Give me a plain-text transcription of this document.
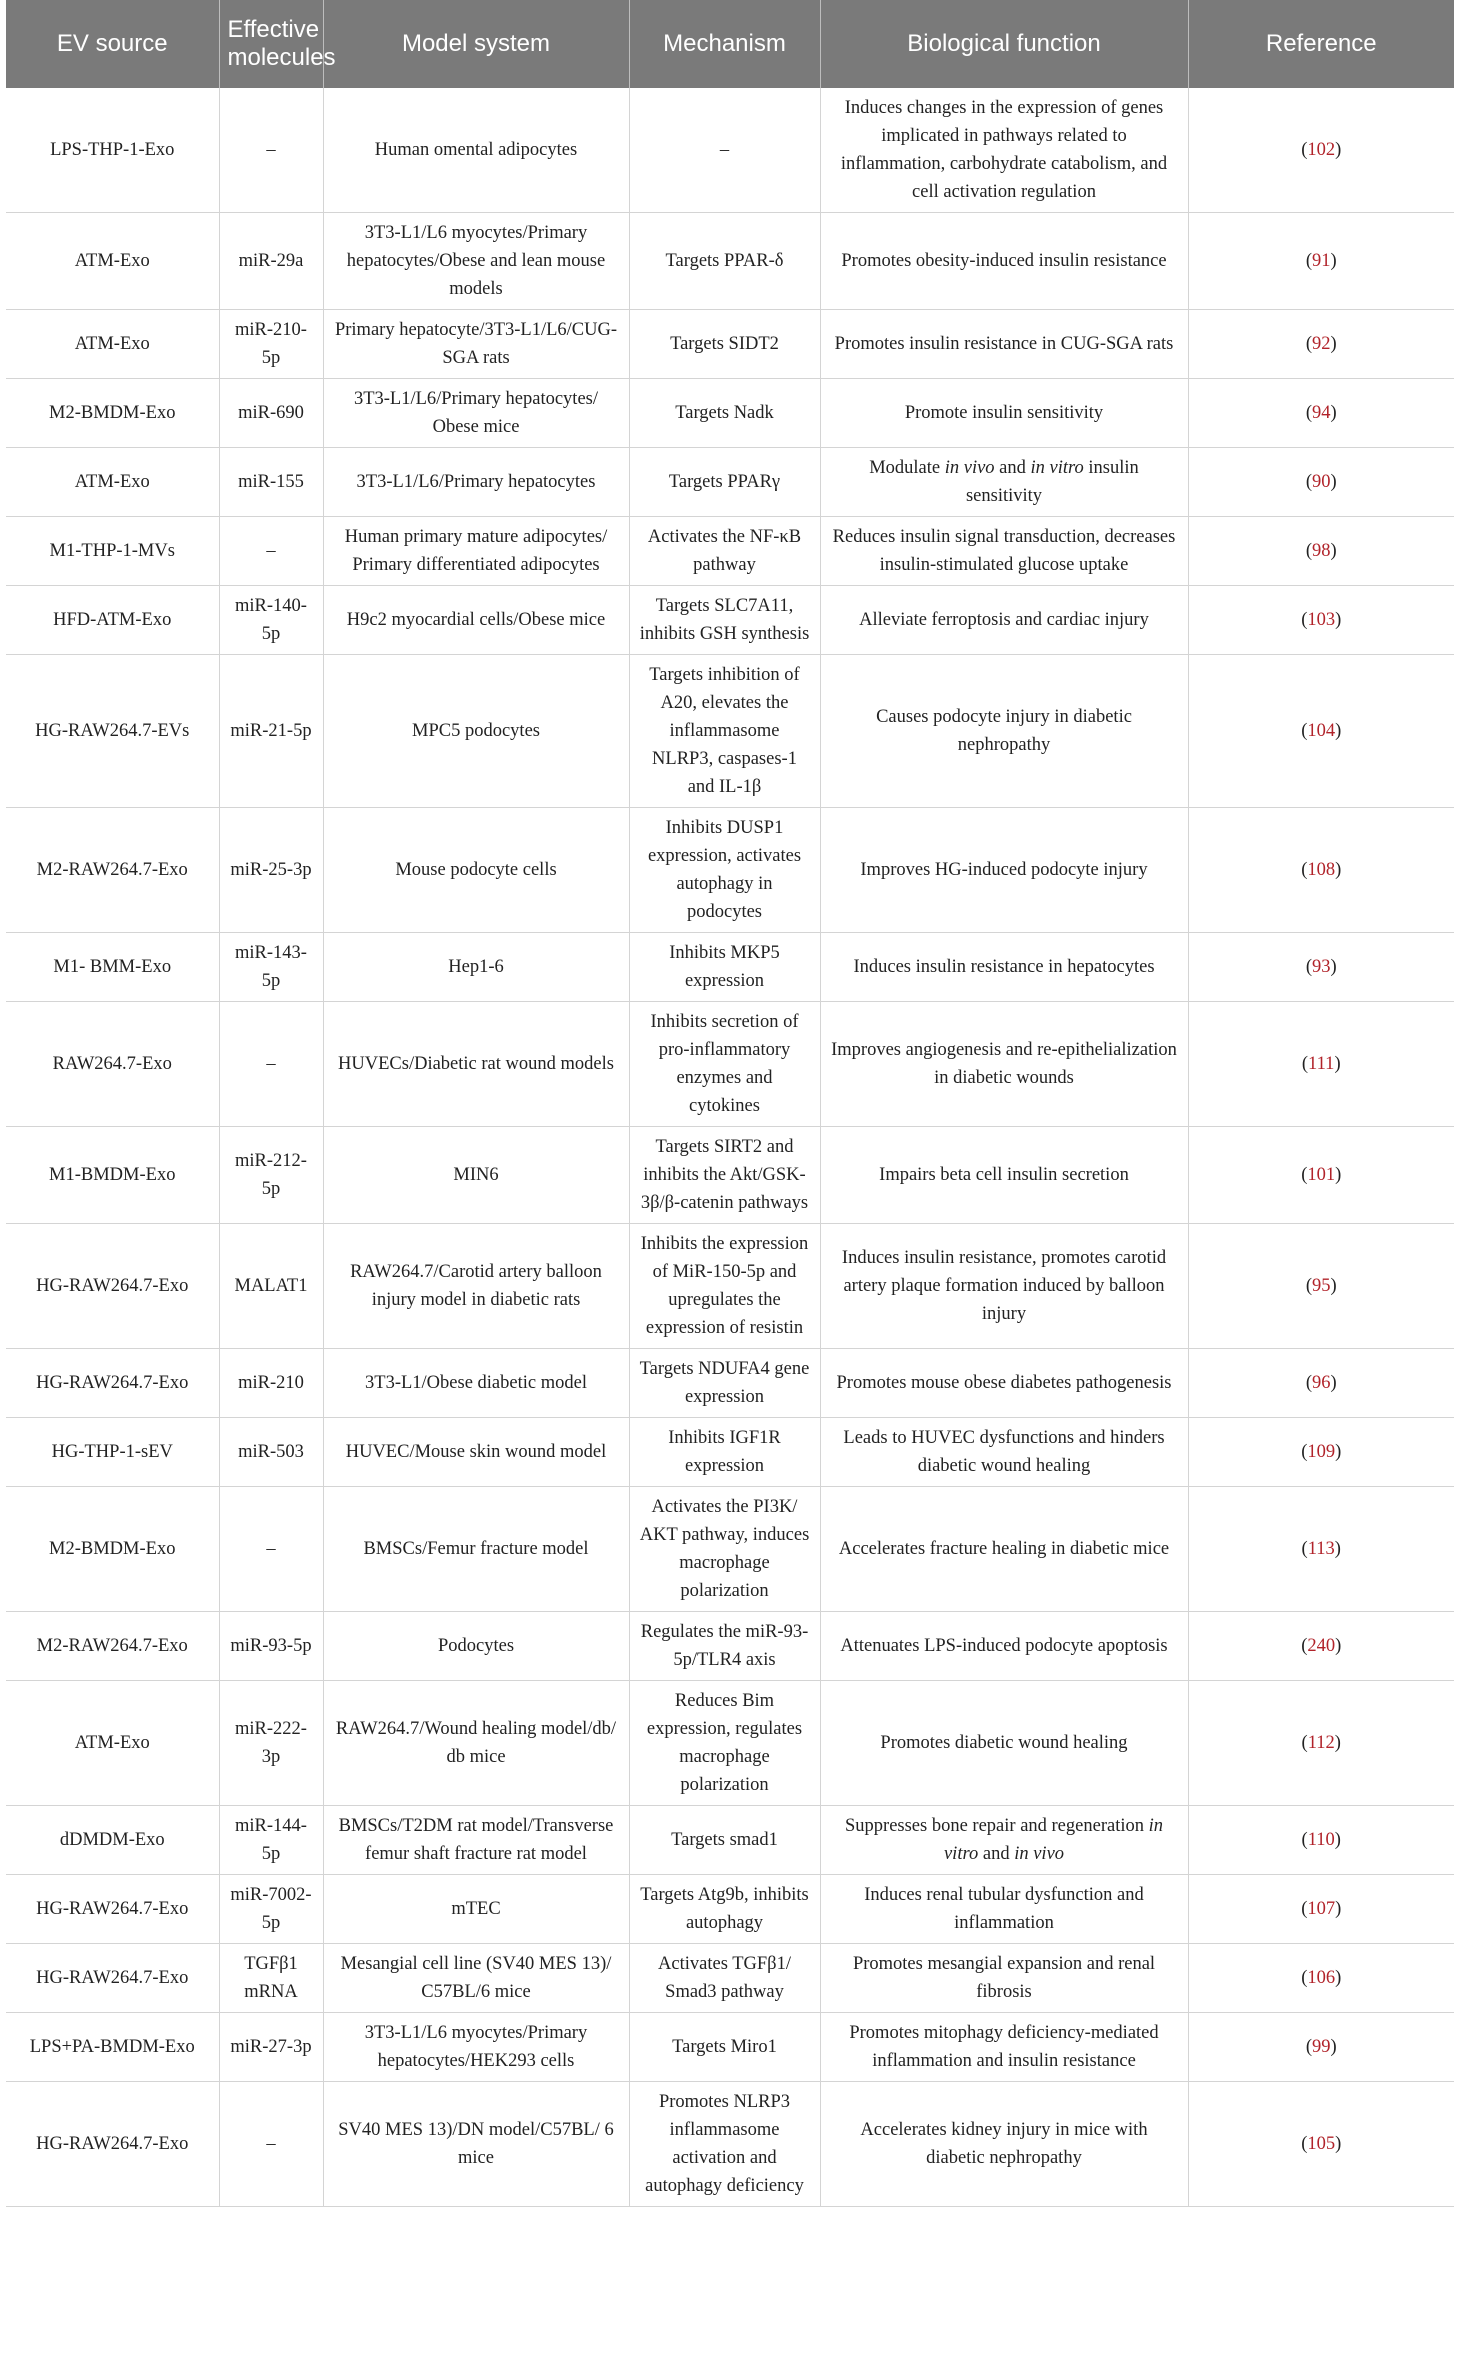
EV source	Effective molecules	Model system	Mechanism	Biological function	Reference
LPS-THP-1-Exo	–	Human omental adipocytes	–	Induces changes in the expression of genes implicated in pathways related to inflammation, carbohydrate catabolism, and cell activation regulation	(102)
ATM-Exo	miR-29a	3T3-L1/L6 myocytes/Primary hepatocytes/Obese and lean mouse models	Targets PPAR-δ	Promotes obesity-induced insulin resistance	(91)
ATM-Exo	miR-210-5p	Primary hepatocyte/3T3-L1/L6/CUG-SGA rats	Targets SIDT2	Promotes insulin resistance in CUG-SGA rats	(92)
M2-BMDM-Exo	miR-690	3T3-L1/L6/Primary hepatocytes/ Obese mice	Targets Nadk	Promote insulin sensitivity	(94)
ATM-Exo	miR-155	3T3-L1/L6/Primary hepatocytes	Targets PPARγ	Modulate in vivo and in vitro insulin sensitivity	(90)
M1-THP-1-MVs	–	Human primary mature adipocytes/ Primary differentiated adipocytes	Activates the NF-κB pathway	Reduces insulin signal transduction, decreases insulin-stimulated glucose uptake	(98)
HFD-ATM-Exo	miR-140-5p	H9c2 myocardial cells/Obese mice	Targets SLC7A11, inhibits GSH synthesis	Alleviate ferroptosis and cardiac injury	(103)
HG-RAW264.7-EVs	miR-21-5p	MPC5 podocytes	Targets inhibition of A20, elevates the inflammasome NLRP3, caspases-1 and IL-1β	Causes podocyte injury in diabetic nephropathy	(104)
M2-RAW264.7-Exo	miR-25-3p	Mouse podocyte cells	Inhibits DUSP1 expression, activates autophagy in podocytes	Improves HG-induced podocyte injury	(108)
M1- BMM-Exo	miR-143-5p	Hep1-6	Inhibits MKP5 expression	Induces insulin resistance in hepatocytes	(93)
RAW264.7-Exo	–	HUVECs/Diabetic rat wound models	Inhibits secretion of pro-inflammatory enzymes and cytokines	Improves angiogenesis and re-epithelialization in diabetic wounds	(111)
M1-BMDM-Exo	miR-212-5p	MIN6	Targets SIRT2 and inhibits the Akt/GSK-3β/β-catenin pathways	Impairs beta cell insulin secretion	(101)
HG-RAW264.7-Exo	MALAT1	RAW264.7/Carotid artery balloon injury model in diabetic rats	Inhibits the expression of MiR-150-5p and upregulates the expression of resistin	Induces insulin resistance, promotes carotid artery plaque formation induced by balloon injury	(95)
HG-RAW264.7-Exo	miR-210	3T3-L1/Obese diabetic model	Targets NDUFA4 gene expression	Promotes mouse obese diabetes pathogenesis	(96)
HG-THP-1-sEV	miR-503	HUVEC/Mouse skin wound model	Inhibits IGF1R expression	Leads to HUVEC dysfunctions and hinders diabetic wound healing	(109)
M2-BMDM-Exo	–	BMSCs/Femur fracture model	Activates the PI3K/ AKT pathway, induces macrophage polarization	Accelerates fracture healing in diabetic mice	(113)
M2-RAW264.7-Exo	miR-93-5p	Podocytes	Regulates the miR-93-5p/TLR4 axis	Attenuates LPS-induced podocyte apoptosis	(240)
ATM-Exo	miR-222-3p	RAW264.7/Wound healing model/db/ db mice	Reduces Bim expression, regulates macrophage polarization	Promotes diabetic wound healing	(112)
dDMDM-Exo	miR-144-5p	BMSCs/T2DM rat model/Transverse femur shaft fracture rat model	Targets smad1	Suppresses bone repair and regeneration in vitro and in vivo	(110)
HG-RAW264.7-Exo	miR-7002-5p	mTEC	Targets Atg9b, inhibits autophagy	Induces renal tubular dysfunction and inflammation	(107)
HG-RAW264.7-Exo	TGFβ1 mRNA	Mesangial cell line (SV40 MES 13)/ C57BL/6 mice	Activates TGFβ1/ Smad3 pathway	Promotes mesangial expansion and renal fibrosis	(106)
LPS+PA-BMDM-Exo	miR-27-3p	3T3-L1/L6 myocytes/Primary hepatocytes/HEK293 cells	Targets Miro1	Promotes mitophagy deficiency-mediated inflammation and insulin resistance	(99)
HG-RAW264.7-Exo	–	SV40 MES 13)/DN model/C57BL/ 6 mice	Promotes NLRP3 inflammasome activation and autophagy deficiency	Accelerates kidney injury in mice with diabetic nephropathy	(105)
